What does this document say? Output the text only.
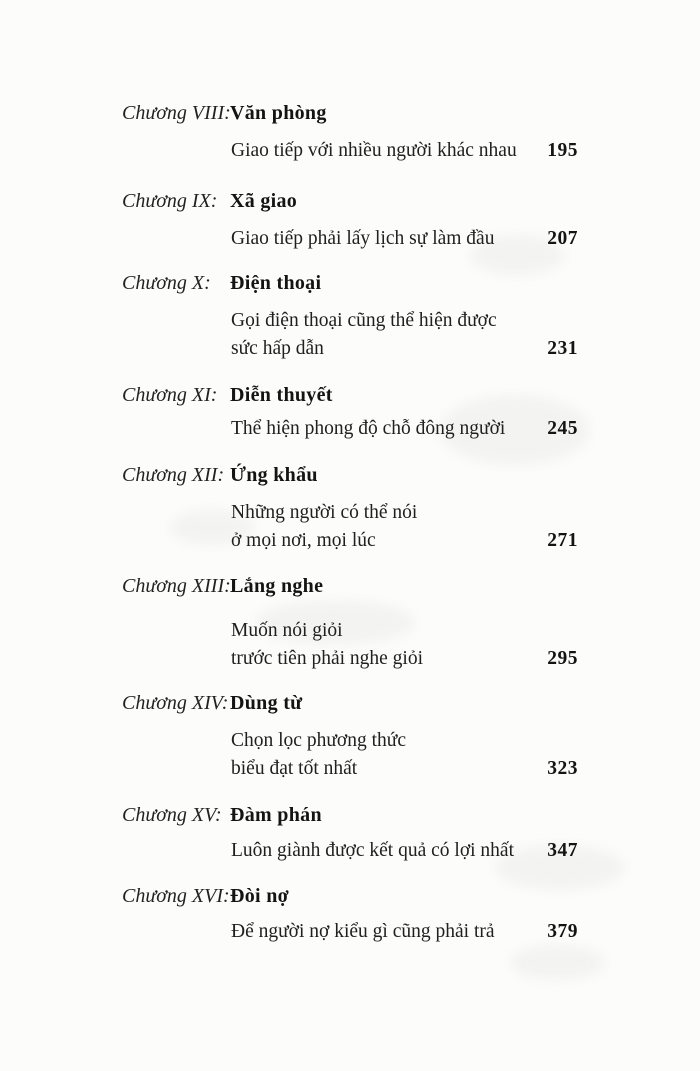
Chương VIII: Văn phòng
Giao tiếp với nhiều người khác nhau 195
Chương IX: Xã giao
Giao tiếp phải lấy lịch sự làm đầu	207
Chương X: Điện thoại
Gọi điện thoại cũng thể hiện được
sức hấp dẫn	231
Chương XI: Diễn thuyết
Thể hiện phong độ chỗ đông người 245
Chương XII: Ứng khẩu
Những người có thể nói
ở mọi nơi, mọi lúc	271
Chương XIII: Lắng nghe
Muốn nói giỏi
trước tiên phải nghe giỏi	295
Chương XIV: Dùng từ
Chọn lọc phương thức
biểu đạt tốt nhất	323
Chương XV: Đàm phán
Luôn giành được kết quả có lợi nhất 347
Chương XVI: Đòi nợ
Để người nợ kiểu gì cũng phải trả	379
